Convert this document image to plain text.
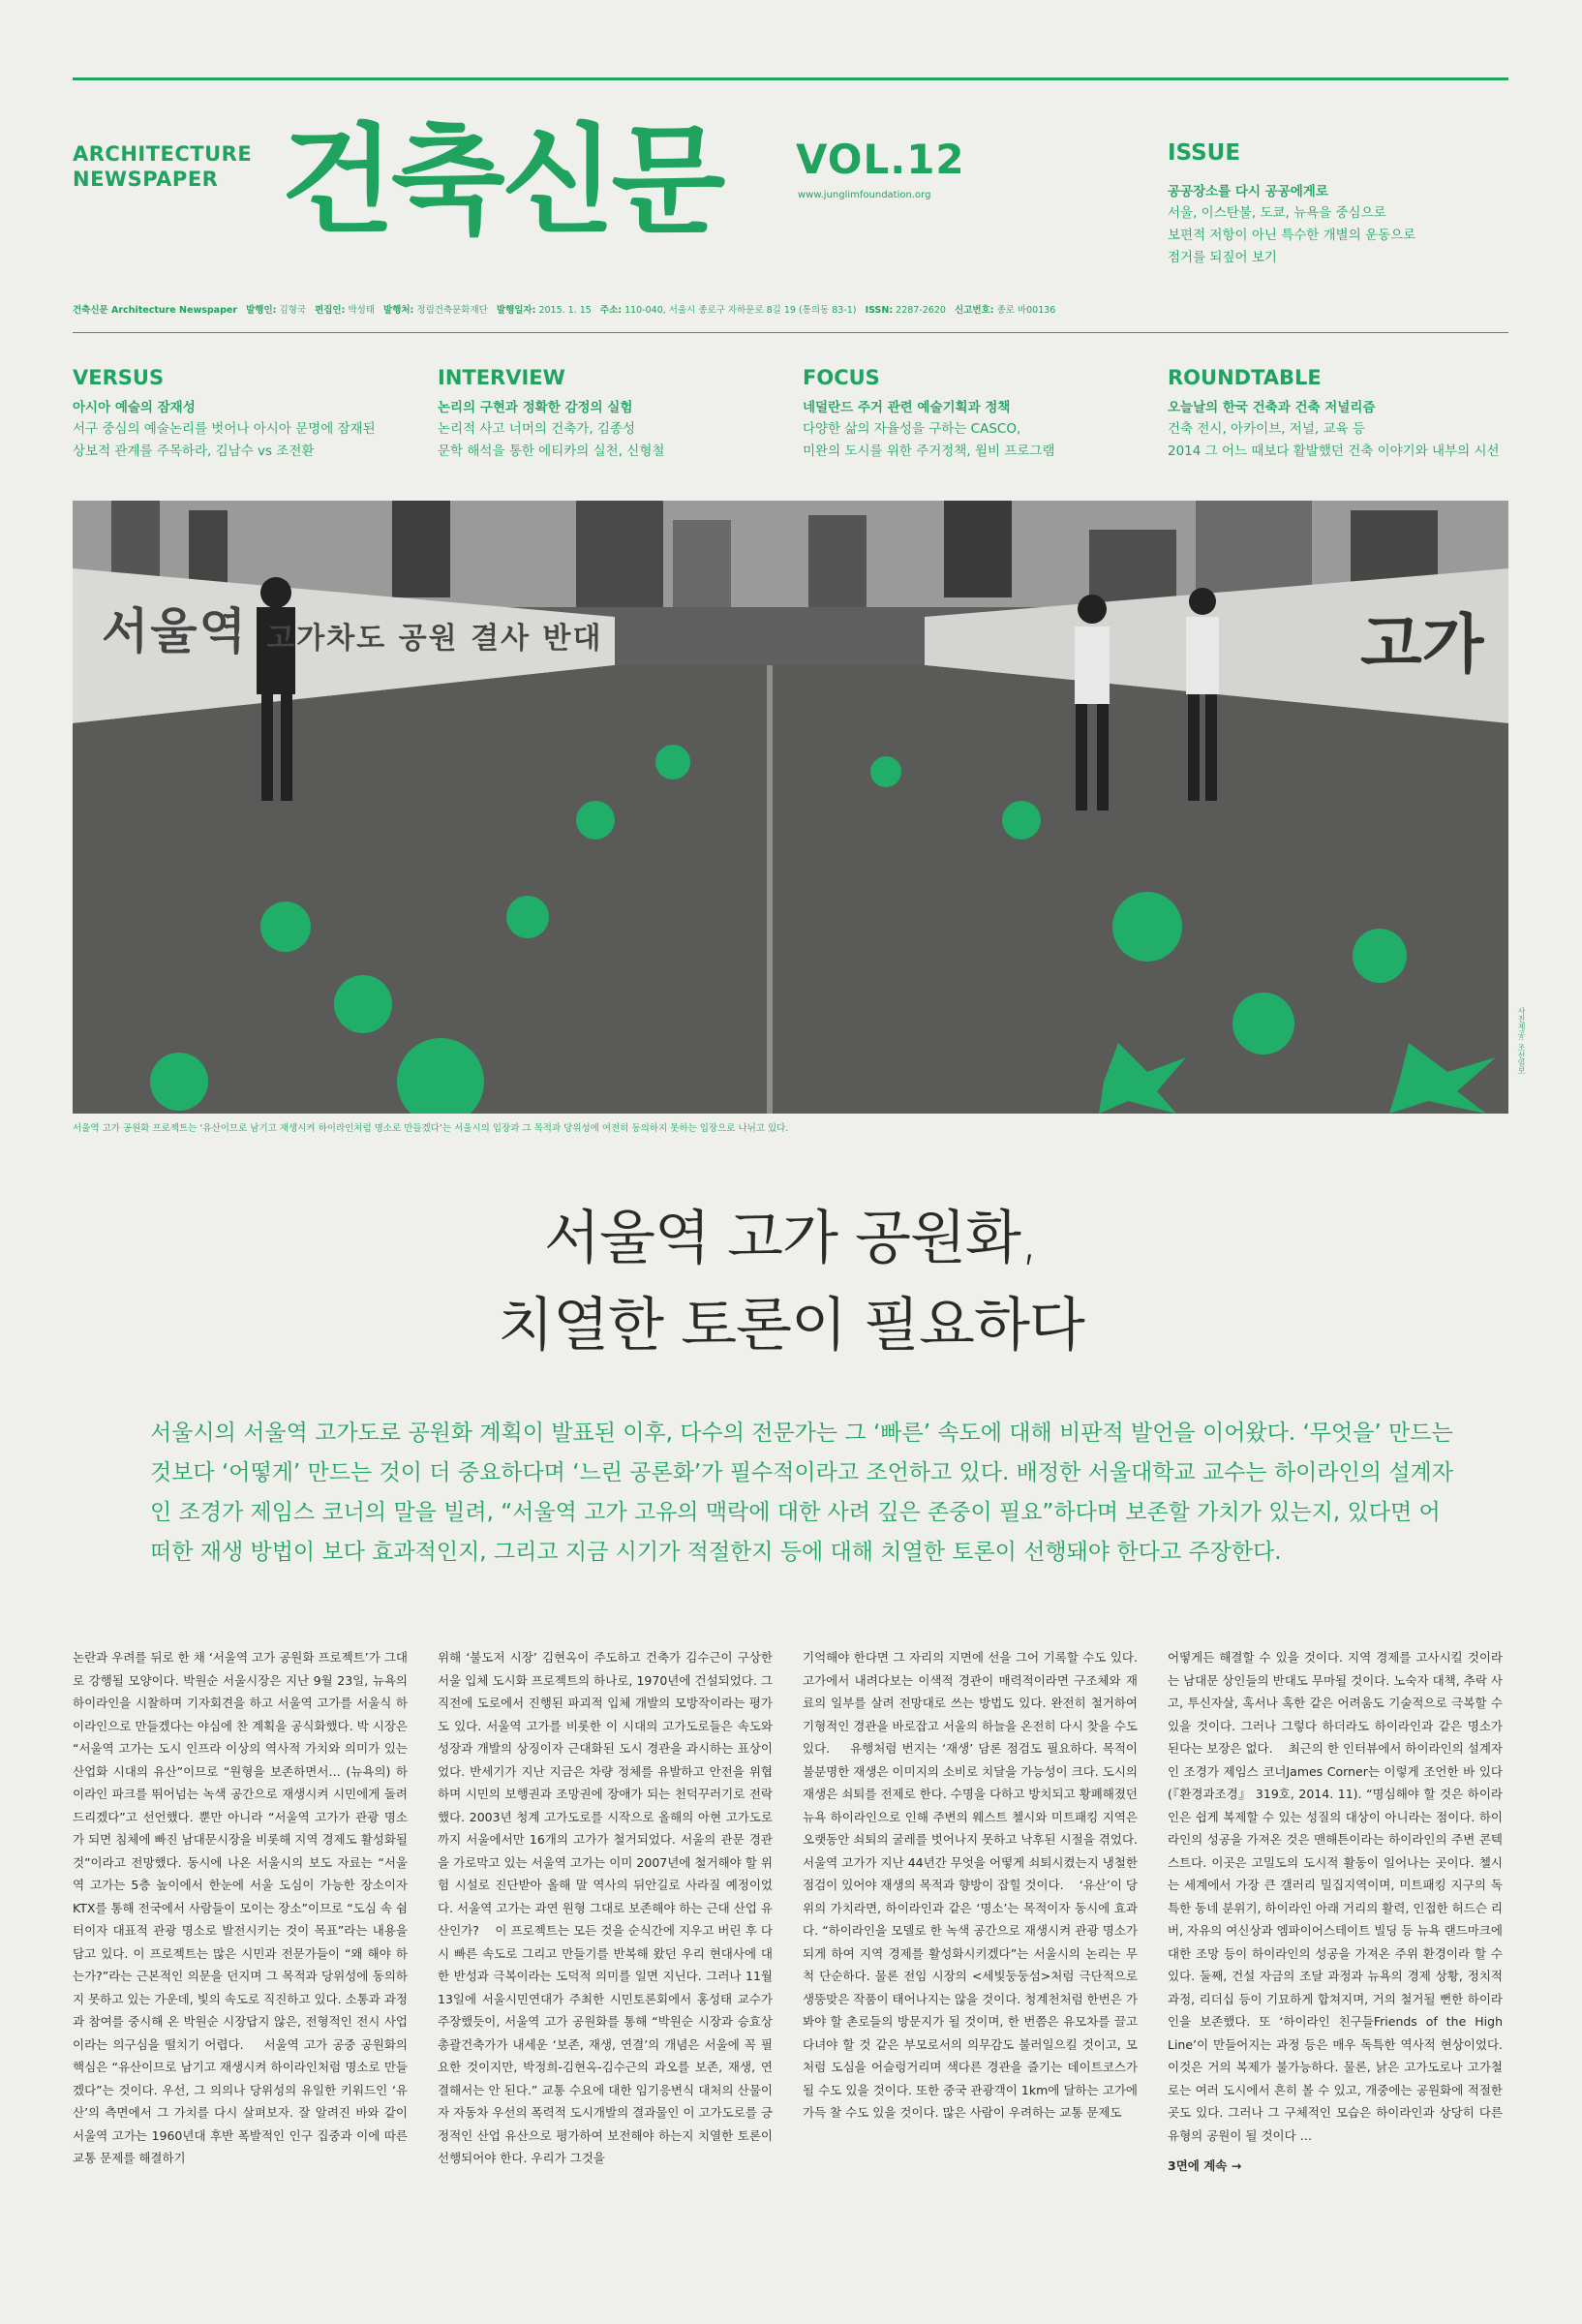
ARCHITECTURE
NEWSPAPER 건축신문 VOL.12
www.junglimfoundation.org
ISSUE
공공장소를 다시 공공에게로
서울, 이스탄불, 도쿄, 뉴욕을 중심으로
보편적 저항이 아닌 특수한 개별의 운동으로
점거를 되짚어 보기
건축신문 Architecture Newspaper 발행인: 김형국 편집인: 박성태 발행처: 정림건축문화재단 발행일자: 2015. 1. 15 주소: 110-040, 서울시 종로구 자하문로 8길 19 (통의동 83-1) ISSN: 2287-2620 신고번호: 종로 바00136
VERSUS
아시아 예술의 잠재성
서구 중심의 예술논리를 벗어나 아시아 문명에 잠재된
상보적 관계를 주목하라, 김남수 vs 조전환
INTERVIEW
논리의 구현과 정확한 감정의 실험
논리적 사고 너머의 건축가, 김종성
문학 해석을 통한 에티카의 실천, 신형철
FOCUS
네덜란드 주거 관련 예술기획과 정책
다양한 삶의 자율성을 구하는 CASCO,
미완의 도시를 위한 주거정책, 윌비 프로그램
ROUNDTABLE
오늘날의 한국 건축과 건축 저널리즘
건축 전시, 아카이브, 저널, 교육 등
2014 그 어느 때보다 활발했던 건축 이야기와 내부의 시선
서울역 고가차도 공원 결사 반대	고가
사진제공: 조선일보
서울역 고가 공원화 프로젝트는 ‘유산이므로 남기고 재생시켜 하이라인처럼 명소로 만들겠다’는 서울시의 입장과 그 목적과 당위성에 여전히 동의하지 못하는 입장으로 나뉘고 있다.
서울역 고가 공원화,
치열한 토론이 필요하다
서울시의 서울역 고가도로 공원화 계획이 발표된 이후, 다수의 전문가는 그 ‘빠른’ 속도에 대해 비판적 발언을 이어왔다. ‘무엇을’ 만드는 것보다 ‘어떻게’ 만드는 것이 더 중요하다며 ‘느린 공론화’가 필수적이라고 조언하고 있다. 배정한 서울대학교 교수는 하이라인의 설계자인 조경가 제임스 코너의 말을 빌려, “서울역 고가 고유의 맥락에 대한 사려 깊은 존중이 필요”하다며 보존할 가치가 있는지, 있다면 어떠한 재생 방법이 보다 효과적인지, 그리고 지금 시기가 적절한지 등에 대해 치열한 토론이 선행돼야 한다고 주장한다.
논란과 우려를 뒤로 한 채 ‘서울역 고가 공원화 프로젝트’가 그대로 강행될 모양이다. 박원순 서울시장은 지난 9월 23일, 뉴욕의 하이라인을 시찰하며 기자회견을 하고 서울역 고가를 서울식 하이라인으로 만들겠다는 야심에 찬 계획을 공식화했다. 박 시장은 “서울역 고가는 도시 인프라 이상의 역사적 가치와 의미가 있는 산업화 시대의 유산”이므로 “원형을 보존하면서… (뉴욕의) 하이라인 파크를 뛰어넘는 녹색 공간으로 재생시켜 시민에게 돌려드리겠다”고 선언했다. 뿐만 아니라 “서울역 고가가 관광 명소가 되면 침체에 빠진 남대문시장을 비롯해 지역 경제도 활성화될 것”이라고 전망했다. 동시에 나온 서울시의 보도 자료는 “서울역 고가는 5층 높이에서 한눈에 서울 도심이 가능한 장소이자 KTX를 통해 전국에서 사람들이 모이는 장소”이므로 “도심 속 쉼터이자 대표적 관광 명소로 발전시키는 것이 목표”라는 내용을 담고 있다. 이 프로젝트는 많은 시민과 전문가들이 “왜 해야 하는가?”라는 근본적인 의문을 던지며 그 목적과 당위성에 동의하지 못하고 있는 가운데, 빛의 속도로 직진하고 있다. 소통과 과정과 참여를 중시해 온 박원순 시장답지 않은, 전형적인 전시 사업이라는 의구심을 떨치기 어렵다.    서울역 고가 공중 공원화의 핵심은 “유산이므로 남기고 재생시켜 하이라인처럼 명소로 만들겠다”는 것이다. 우선, 그 의의나 당위성의 유일한 키워드인 ‘유산’의 측면에서 그 가치를 다시 살펴보자. 잘 알려진 바와 같이 서울역 고가는 1960년대 후반 폭발적인 인구 집중과 이에 따른 교통 문제를 해결하기
위해 ‘불도저 시장’ 김현옥이 주도하고 건축가 김수근이 구상한 서울 입체 도시화 프로젝트의 하나로, 1970년에 건설되었다. 그 직전에 도로에서 진행된 파괴적 입체 개발의 모방작이라는 평가도 있다. 서울역 고가를 비롯한 이 시대의 고가도로들은 속도와 성장과 개발의 상징이자 근대화된 도시 경관을 과시하는 표상이었다. 반세기가 지난 지금은 차량 정체를 유발하고 안전을 위협하며 시민의 보행권과 조망권에 장애가 되는 천덕꾸러기로 전락했다. 2003년 청계 고가도로를 시작으로 올해의 아현 고가도로까지 서울에서만 16개의 고가가 철거되었다. 서울의 관문 경관을 가로막고 있는 서울역 고가는 이미 2007년에 철거해야 할 위험 시설로 진단받아 올해 말 역사의 뒤안길로 사라질 예정이었다. 서울역 고가는 과연 원형 그대로 보존해야 하는 근대 산업 유산인가?    이 프로젝트는 모든 것을 순식간에 지우고 버린 후 다시 빠른 속도로 그리고 만들기를 반복해 왔던 우리 현대사에 대한 반성과 극복이라는 도덕적 의미를 일면 지닌다. 그러나 11월 13일에 서울시민연대가 주최한 시민토론회에서 홍성태 교수가 주장했듯이, 서울역 고가 공원화를 통해 “박원순 시장과 승효상 총괄건축가가 내세운 ‘보존, 재생, 연결’의 개념은 서울에 꼭 필요한 것이지만, 박정희-김현옥-김수근의 과오를 보존, 재생, 연결해서는 안 된다.” 교통 수요에 대한 임기응변식 대처의 산물이자 자동차 우선의 폭력적 도시개발의 결과물인 이 고가도로를 긍정적인 산업 유산으로 평가하여 보전해야 하는지 치열한 토론이 선행되어야 한다. 우리가 그것을
기억해야 한다면 그 자리의 지면에 선을 그어 기록할 수도 있다. 고가에서 내려다보는 이색적 경관이 매력적이라면 구조체와 재료의 일부를 살려 전망대로 쓰는 방법도 있다. 완전히 철거하여 기형적인 경관을 바로잡고 서울의 하늘을 온전히 다시 찾을 수도 있다.    유행처럼 번지는 ‘재생’ 담론 점검도 필요하다. 목적이 불분명한 재생은 이미지의 소비로 치달을 가능성이 크다. 도시의 재생은 쇠퇴를 전제로 한다. 수명을 다하고 방치되고 황폐해졌던 뉴욕 하이라인으로 인해 주변의 웨스트 첼시와 미트패킹 지역은 오랫동안 쇠퇴의 굴레를 벗어나지 못하고 낙후된 시절을 겪었다. 서울역 고가가 지난 44년간 무엇을 어떻게 쇠퇴시켰는지 냉철한 점검이 있어야 재생의 목적과 향방이 잡힐 것이다.    ‘유산’이 당위의 가치라면, 하이라인과 같은 ‘명소’는 목적이자 동시에 효과다. “하이라인을 모델로 한 녹색 공간으로 재생시켜 관광 명소가 되게 하여 지역 경제를 활성화시키겠다”는 서울시의 논리는 무척 단순하다. 물론 전임 시장의 <세빛둥둥섬>처럼 극단적으로 생뚱맞은 작품이 태어나지는 않을 것이다. 청계천처럼 한번은 가봐야 할 촌로들의 방문지가 될 것이며, 한 번쯤은 유모차를 끌고 다녀야 할 것 같은 부모로서의 의무감도 불러일으킬 것이고, 모처럼 도심을 어슬렁거리며 색다른 경관을 즐기는 데이트코스가 될 수도 있을 것이다. 또한 중국 관광객이 1km에 달하는 고가에 가득 찰 수도 있을 것이다. 많은 사람이 우려하는 교통 문제도
어떻게든 해결할 수 있을 것이다. 지역 경제를 고사시킬 것이라는 남대문 상인들의 반대도 무마될 것이다. 노숙자 대책, 추락 사고, 투신자살, 혹서나 혹한 같은 어려움도 기술적으로 극복할 수 있을 것이다. 그러나 그렇다 하더라도 하이라인과 같은 명소가 된다는 보장은 없다.    최근의 한 인터뷰에서 하이라인의 설계자인 조경가 제임스 코너James Corner는 이렇게 조언한 바 있다(『환경과조경』 319호, 2014. 11). “명심해야 할 것은 하이라인은 쉽게 복제할 수 있는 성질의 대상이 아니라는 점이다. 하이라인의 성공을 가져온 것은 맨해튼이라는 하이라인의 주변 콘텍스트다. 이곳은 고밀도의 도시적 활동이 일어나는 곳이다. 첼시는 세계에서 가장 큰 갤러리 밀집지역이며, 미트패킹 지구의 독특한 동네 분위기, 하이라인 아래 거리의 활력, 인접한 허드슨 리버, 자유의 여신상과 엠파이어스테이트 빌딩 등 뉴욕 랜드마크에 대한 조망 등이 하이라인의 성공을 가져온 주위 환경이라 할 수 있다. 둘째, 건설 자금의 조달 과정과 뉴욕의 경제 상황, 정치적 과정, 리더십 등이 기묘하게 합쳐지며, 거의 철거될 뻔한 하이라인을 보존했다. 또 ‘하이라인 친구들Friends of the High Line’이 만들어지는 과정 등은 매우 독특한 역사적 현상이었다. 이것은 거의 복제가 불가능하다. 물론, 낡은 고가도로나 고가철로는 여러 도시에서 흔히 볼 수 있고, 개중에는 공원화에 적절한 곳도 있다. 그러나 그 구체적인 모습은 하이라인과 상당히 다른 유형의 공원이 될 것이다 …
3면에 계속 →
